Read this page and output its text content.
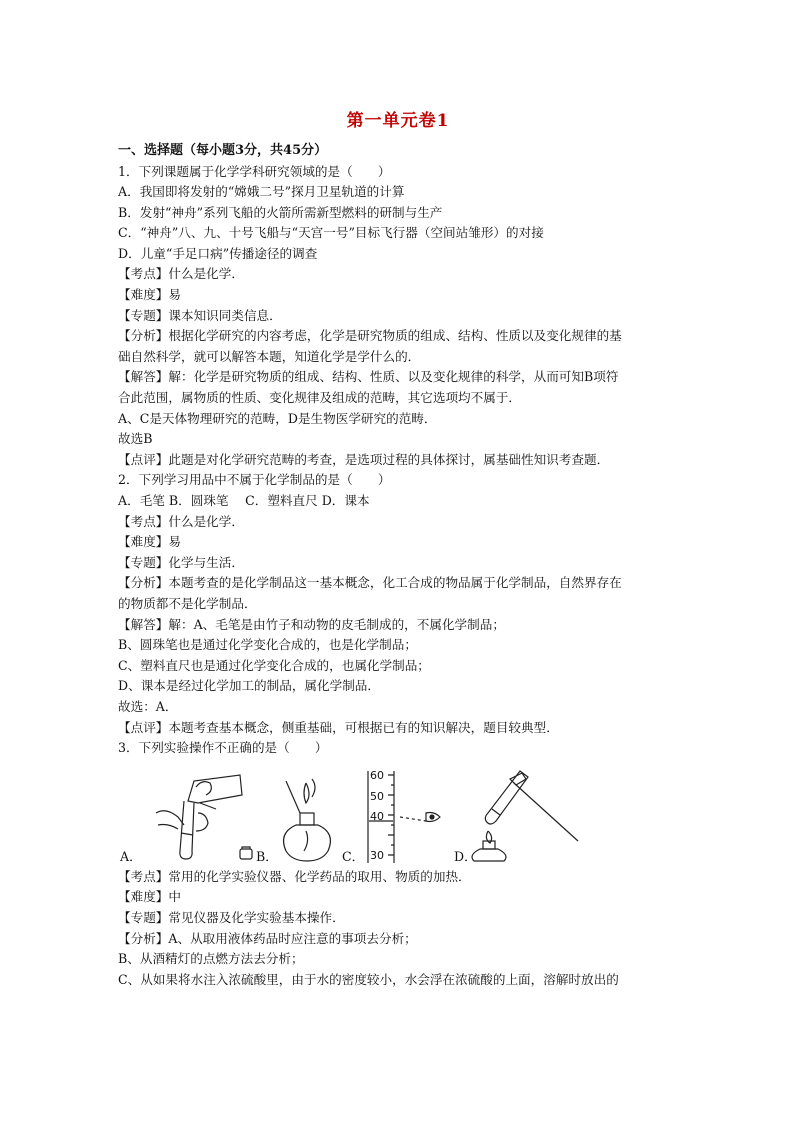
第一单元卷1
一、选择题（每小题3分，共45分）
1．下列课题属于化学学科研究领域的是（　　）
A．我国即将发射的“嫦娥二号”探月卫星轨道的计算
B．发射“神舟”系列飞船的火箭所需新型燃料的研制与生产
C．“神舟”八、九、十号飞船与“天宫一号”目标飞行器（空间站雏形）的对接
D．儿童“手足口病”传播途径的调查
【考点】什么是化学．
【难度】易
【专题】课本知识同类信息．
【分析】根据化学研究的内容考虑，化学是研究物质的组成、结构、性质以及变化规律的基
础自然科学，就可以解答本题，知道化学是学什么的．
【解答】解：化学是研究物质的组成、结构、性质、以及变化规律的科学，从而可知B项符
合此范围，属物质的性质、变化规律及组成的范畴，其它选项均不属于．
A、C是天体物理研究的范畴，D是生物医学研究的范畴．
故选B
【点评】此题是对化学研究范畴的考查，是选项过程的具体探讨，属基础性知识考查题．
2．下列学习用品中不属于化学制品的是（　　）
A．毛笔 B．圆珠笔　 C．塑料直尺 D．课本
【考点】什么是化学．
【难度】易
【专题】化学与生活．
【分析】本题考查的是化学制品这一基本概念，化工合成的物品属于化学制品，自然界存在
的物质都不是化学制品．
【解答】解：A、毛笔是由竹子和动物的皮毛制成的，不属化学制品；
B、圆珠笔也是通过化学变化合成的，也是化学制品；
C、塑料直尺也是通过化学变化合成的，也属化学制品；
D、课本是经过化学加工的制品，属化学制品．
故选：A．
【点评】本题考查基本概念，侧重基础，可根据已有的知识解决，题目较典型．
3．下列实验操作不正确的是（　　）
A．	B．	C．
60
50
40
30	D．
【考点】常用的化学实验仪器、化学药品的取用、物质的加热．
【难度】中
【专题】常见仪器及化学实验基本操作．
【分析】A、从取用液体药品时应注意的事项去分析；
B、从酒精灯的点燃方法去分析；
C、从如果将水注入浓硫酸里，由于水的密度较小，水会浮在浓硫酸的上面，溶解时放出的
